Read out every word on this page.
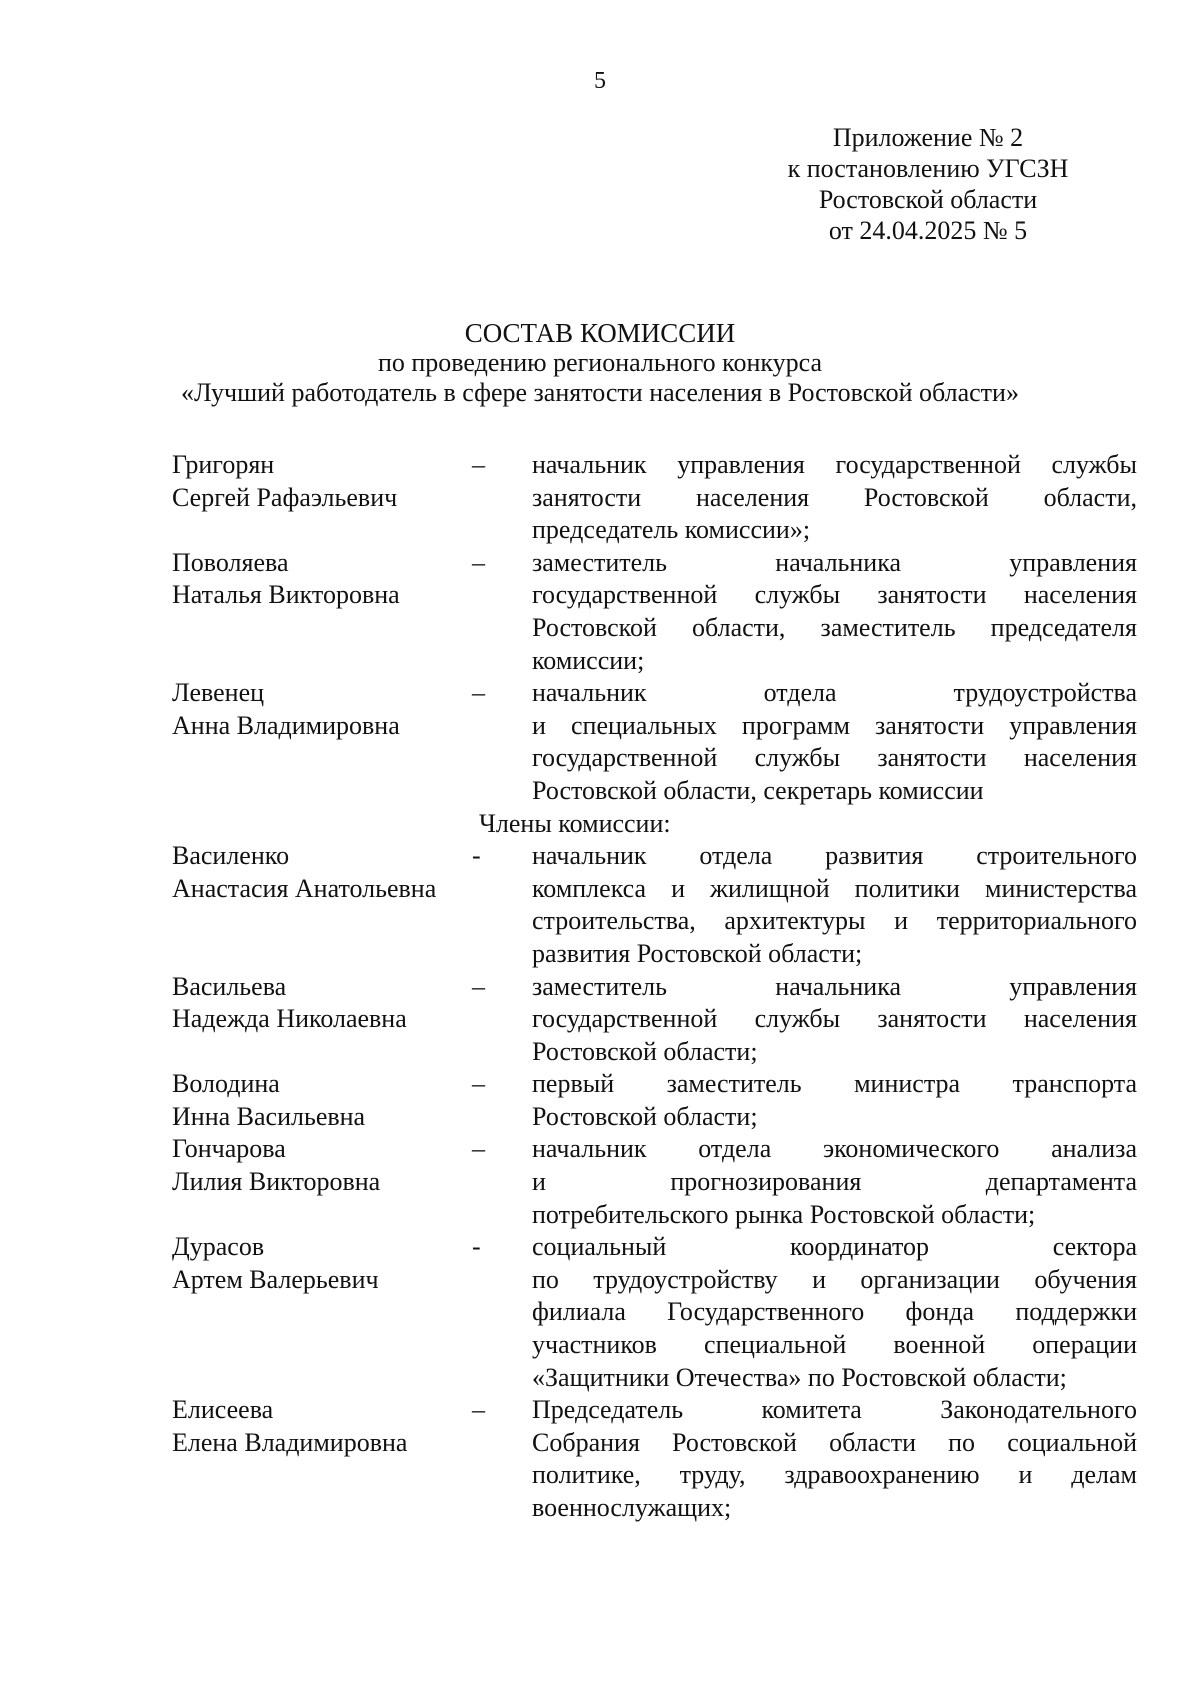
5
Приложение № 2
к постановлению УГСЗН
Ростовской области
от 24.04.2025 № 5
СОСТАВ КОМИССИИ
по проведению регионального конкурса
«Лучший работодатель в сфере занятости населения в Ростовской области»
Григорян
Сергей Рафаэльевич
–	начальник управления государственной службы
занятости населения Ростовской области,
председатель комиссии»;
Поволяева
Наталья Викторовна
–	заместитель начальника управления
государственной службы занятости населения
Ростовской области, заместитель председателя
комиссии;
Левенец
Анна Владимировна
–	начальник отдела трудоустройства
и специальных программ занятости управления
государственной службы занятости населения
Ростовской области, секретарь комиссии
Члены комиссии:
Василенко
Анастасия Анатольевна
-	начальник отдела развития строительного
комплекса и жилищной политики министерства
строительства, архитектуры и территориального
развития Ростовской области;
Васильева
Надежда Николаевна
–	заместитель начальника управления
государственной службы занятости населения
Ростовской области;
Володина
Инна Васильевна
–	первый заместитель министра транспорта
Ростовской области;
Гончарова
Лилия Викторовна
–	начальник отдела экономического анализа
и прогнозирования департамента
потребительского рынка Ростовской области;
Дурасов
Артем Валерьевич
-	социальный координатор сектора
по трудоустройству и организации обучения
филиала Государственного фонда поддержки
участников специальной военной операции
«Защитники Отечества» по Ростовской области;
Елисеева
Елена Владимировна
–	Председатель комитета Законодательного
Собрания Ростовской области по социальной
политике, труду, здравоохранению и делам
военнослужащих;
